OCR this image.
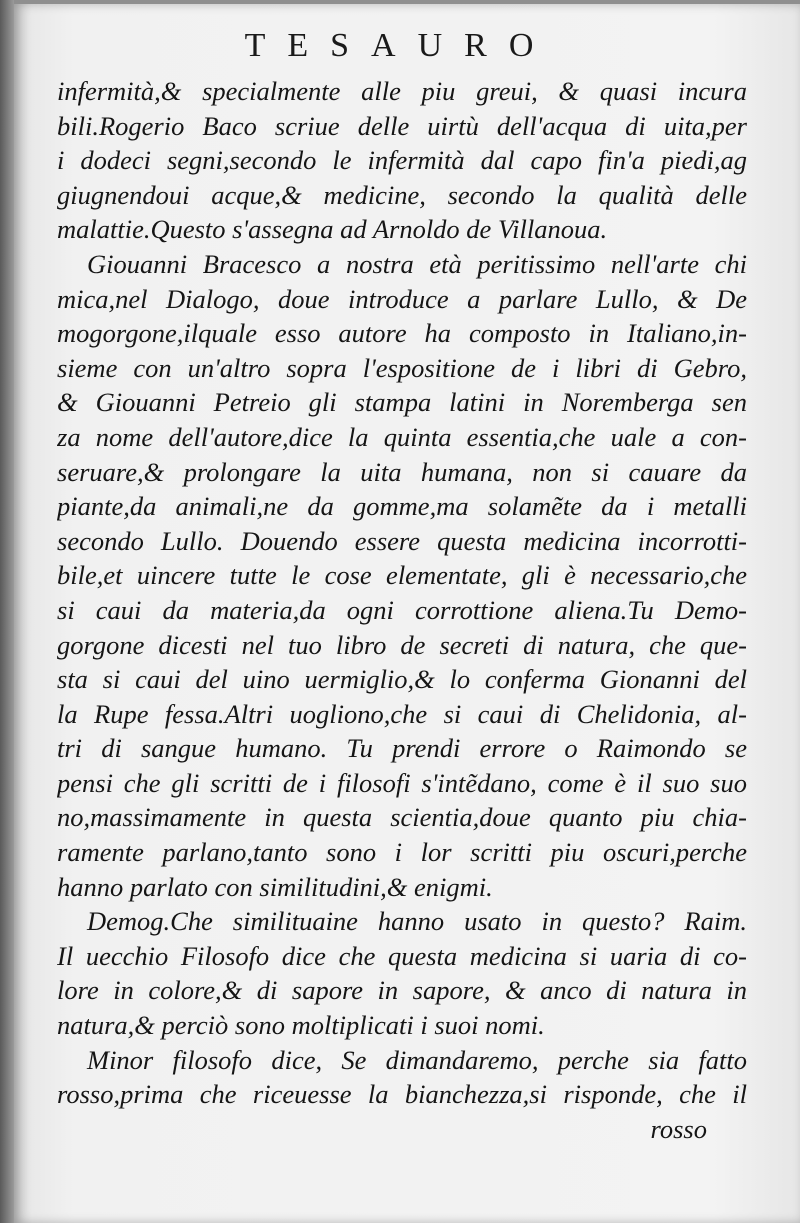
TESAURO
infermità,& specialmente alle piu greui, & quasi incura
bili.Rogerio Baco scriue delle uirtù dell'acqua di uita,per
i dodeci segni,secondo le infermità dal capo fin'a piedi,ag
giugnendoui acque,& medicine, secondo la qualità delle
malattie.Questo s'assegna ad Arnoldo de Villanoua.
Giouanni Bracesco a nostra età peritissimo nell'arte chi
mica,nel Dialogo, doue introduce a parlare Lullo, & De
mogorgone,ilquale esso autore ha composto in Italiano,in-
sieme con un'altro sopra l'espositione de i libri di Gebro,
& Giouanni Petreio gli stampa latini in Noremberga sen
za nome dell'autore,dice la quinta essentia,che uale a con-
seruare,& prolongare la uita humana, non si cauare da
piante,da animali,ne da gomme,ma solamẽte da i metalli
secondo Lullo. Douendo essere questa medicina incorrotti-
bile,et uincere tutte le cose elementate, gli è necessario,che
si caui da materia,da ogni corrottione aliena.Tu Demo-
gorgone dicesti nel tuo libro de secreti di natura, che que-
sta si caui del uino uermiglio,& lo conferma Gionanni del
la Rupe fessa.Altri uogliono,che si caui di Chelidonia, al-
tri di sangue humano. Tu prendi errore o Raimondo se
pensi che gli scritti de i filosofi s'intẽdano, come è il suo suo
no,massimamente in questa scientia,doue quanto piu chia-
ramente parlano,tanto sono i lor scritti piu oscuri,perche
hanno parlato con similitudini,& enigmi.
Demog.Che similituaine hanno usato in questo? Raim.
Il uecchio Filosofo dice che questa medicina si uaria di co-
lore in colore,& di sapore in sapore, & anco di natura in
natura,& perciò sono moltiplicati i suoi nomi.
Minor filosofo dice, Se dimandaremo, perche sia fatto
rosso,prima che riceuesse la bianchezza,si risponde, che il
rosso
